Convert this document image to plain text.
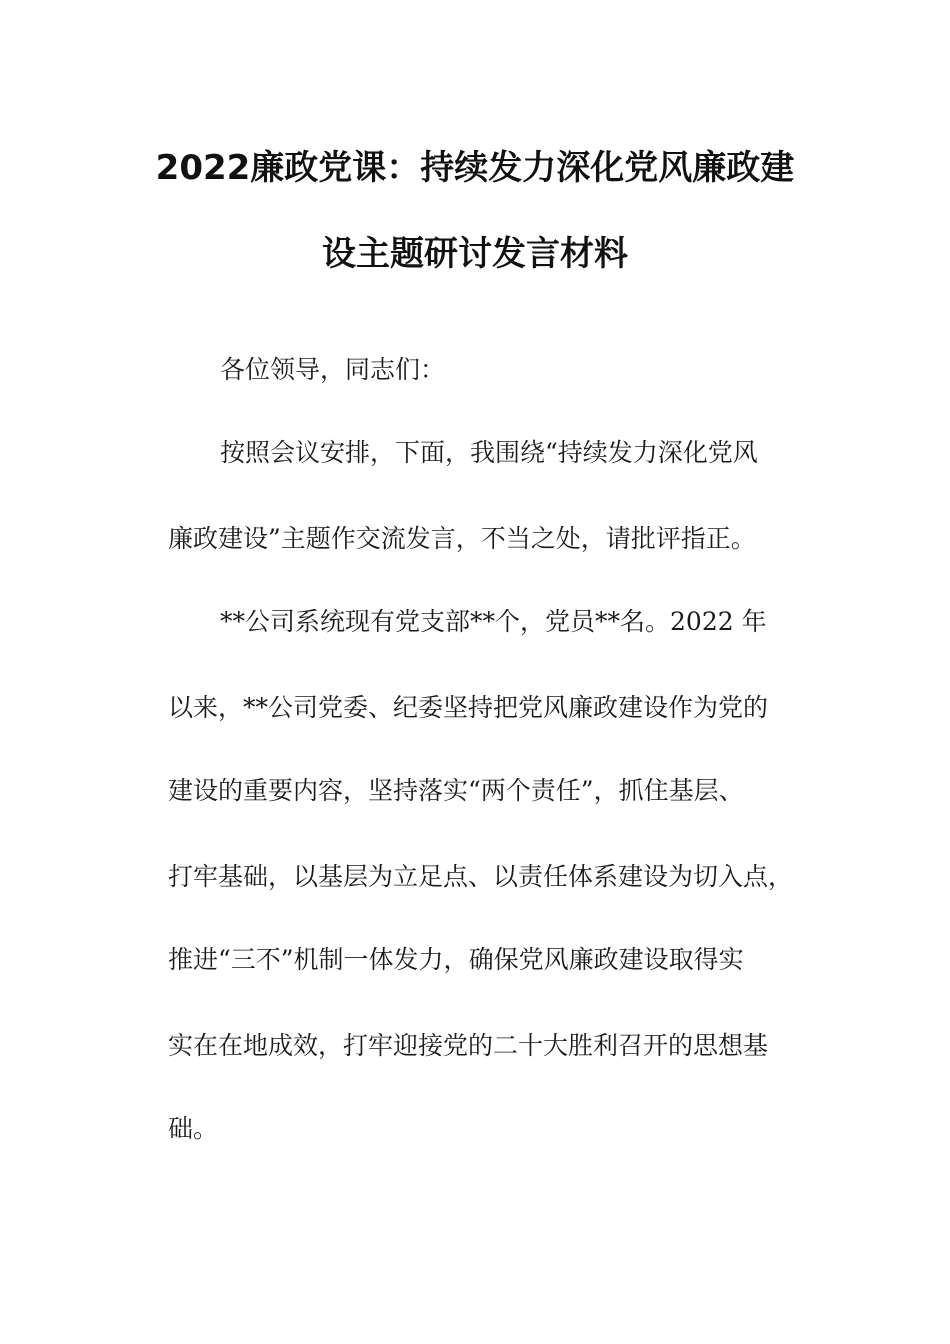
2022廉政党课：持续发力深化党风廉政建
设主题研讨发言材料
各位领导，同志们：
按照会议安排，下面，我围绕“持续发力深化党风
廉政建设”主题作交流发言，不当之处，请批评指正。
**公司系统现有党支部**个，党员**名。2022 年
以来，**公司党委、纪委坚持把党风廉政建设作为党的
建设的重要内容，坚持落实“两个责任”，抓住基层、
打牢基础，以基层为立足点、以责任体系建设为切入点，
推进“三不”机制一体发力，确保党风廉政建设取得实
实在在地成效，打牢迎接党的二十大胜利召开的思想基
础。
